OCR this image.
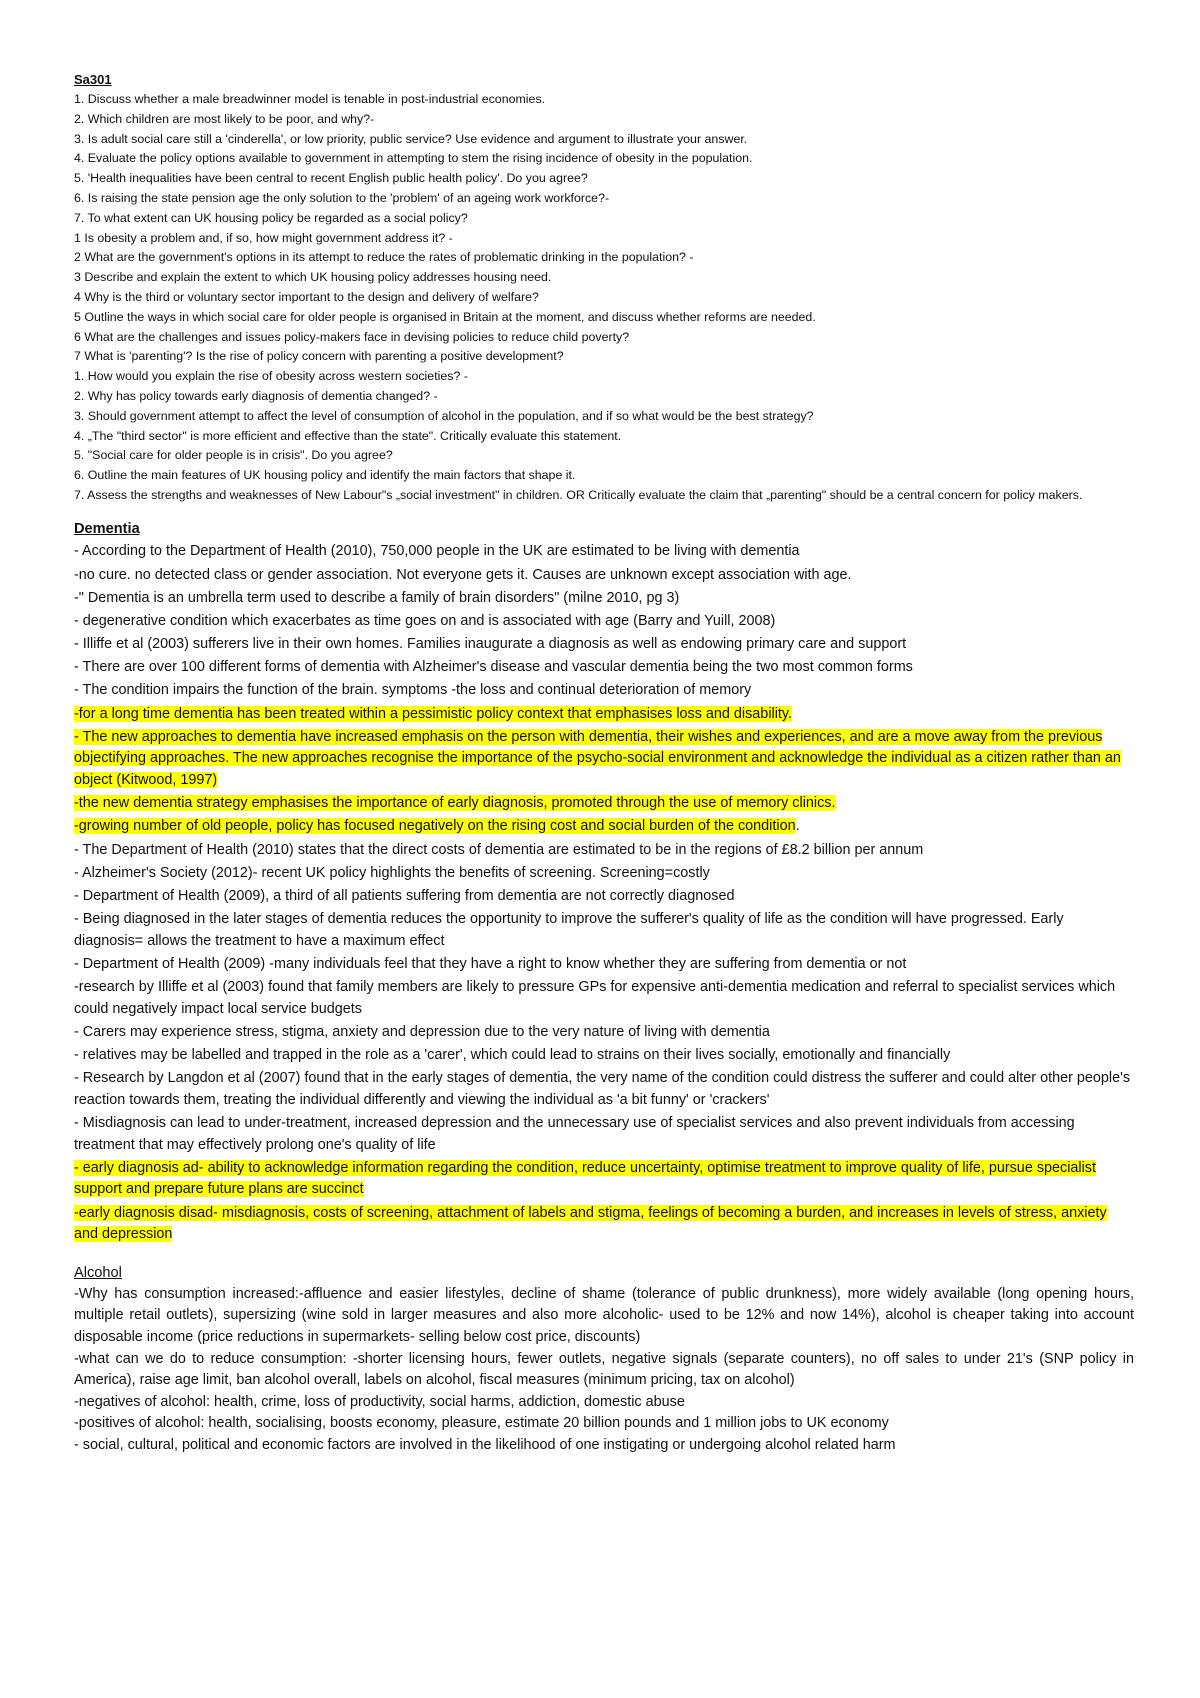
Sa301

1. Discuss whether a male breadwinner model is tenable in post-industrial economies.

2. Which children are most likely to be poor, and why?-

3. Is adult social care still a 'cinderella', or low priority, public service? Use evidence and argument to illustrate your answer.

4. Evaluate the policy options available to government in attempting to stem the rising incidence of obesity in the population.

5. 'Health inequalities have been central to recent English public health policy'. Do you agree?

6. Is raising the state pension age the only solution to the 'problem' of an ageing work workforce?-

7. To what extent can UK housing policy be regarded as a social policy?

1 Is obesity a problem and, if so, how might government address it? -

2 What are the government's options in its attempt to reduce the rates of problematic drinking in the population? -

3 Describe and explain the extent to which UK housing policy addresses housing need.

4 Why is the third or voluntary sector important to the design and delivery of welfare?

5 Outline the ways in which social care for older people is organised in Britain at the moment, and discuss whether reforms are needed.

6 What are the challenges and issues policy-makers face in devising policies to reduce child poverty?

7 What is 'parenting'? Is the rise of policy concern with parenting a positive development?

1. How would you explain the rise of obesity across western societies? -

2. Why has policy towards early diagnosis of dementia changed? -

3. Should government attempt to affect the level of consumption of alcohol in the population, and if so what would be the best strategy?

4. „The "third sector" is more efficient and effective than the state". Critically evaluate this statement.

5. "Social care for older people is in crisis". Do you agree?

6. Outline the main features of UK housing policy and identify the main factors that shape it.

7. Assess the strengths and weaknesses of New Labour"s „social investment" in children. OR Critically evaluate the claim that „parenting" should be a central concern for policy makers.

Dementia

- According to the Department of Health (2010), 750,000 people in the UK are estimated to be living with dementia

-no cure. no detected class or gender association. Not everyone gets it. Causes are unknown except association with age.

-" Dementia is an umbrella term used to describe a family of brain disorders" (milne 2010, pg 3)

- degenerative condition which exacerbates as time goes on and is associated with age (Barry and Yuill, 2008)

- Illiffe et al (2003) sufferers live in their own homes. Families inaugurate a diagnosis as well as endowing primary care and support

- There are over 100 different forms of dementia with Alzheimer's disease and vascular dementia being the two most common forms

- The condition impairs the function of the brain. symptoms -the loss and continual deterioration of memory

-for a long time dementia has been treated within a pessimistic policy context that emphasises loss and disability.

- The new approaches to dementia have increased emphasis on the person with dementia, their wishes and experiences, and are a move away from the previous objectifying approaches. The new approaches recognise the importance of the psycho-social environment and acknowledge the individual as a citizen rather than an object (Kitwood, 1997)

-the new dementia strategy emphasises the importance of early diagnosis, promoted through the use of memory clinics.

-growing number of old people, policy has focused negatively on the rising cost and social burden of the condition.

- The Department of Health (2010) states that the direct costs of dementia are estimated to be in the regions of £8.2 billion per annum

- Alzheimer's Society (2012)- recent UK policy highlights the benefits of screening. Screening=costly

- Department of Health (2009), a third of all patients suffering from dementia are not correctly diagnosed

- Being diagnosed in the later stages of dementia reduces the opportunity to improve the sufferer's quality of life as the condition will have progressed. Early diagnosis= allows the treatment to have a maximum effect

- Department of Health (2009) -many individuals feel that they have a right to know whether they are suffering from dementia or not

-research by Illiffe et al (2003) found that family members are likely to pressure GPs for expensive anti-dementia medication and referral to specialist services which could negatively impact local service budgets

- Carers may experience stress, stigma, anxiety and depression due to the very nature of living with dementia

- relatives may be labelled and trapped in the role as a 'carer', which could lead to strains on their lives socially, emotionally and financially

- Research by Langdon et al (2007) found that in the early stages of dementia, the very name of the condition could distress the sufferer and could alter other people's reaction towards them, treating the individual differently and viewing the individual as 'a bit funny' or 'crackers'

- Misdiagnosis can lead to under-treatment, increased depression and the unnecessary use of specialist services and also prevent individuals from accessing treatment that may effectively prolong one's quality of life

- early diagnosis ad- ability to acknowledge information regarding the condition, reduce uncertainty, optimise treatment to improve quality of life, pursue specialist support and prepare future plans are succinct

-early diagnosis disad- misdiagnosis, costs of screening, attachment of labels and stigma, feelings of becoming a burden, and increases in levels of stress, anxiety and depression

Alcohol

-Why has consumption increased:-affluence and easier lifestyles, decline of shame (tolerance of public drunkness), more widely available (long opening hours, multiple retail outlets), supersizing (wine sold in larger measures and also more alcoholic- used to be 12% and now 14%), alcohol is cheaper taking into account disposable income (price reductions in supermarkets- selling below cost price, discounts)

-what can we do to reduce consumption: -shorter licensing hours, fewer outlets, negative signals (separate counters), no off sales to under 21's (SNP policy in America), raise age limit, ban alcohol overall, labels on alcohol, fiscal measures (minimum pricing, tax on alcohol)

-negatives of alcohol: health, crime, loss of productivity, social harms, addiction, domestic abuse

-positives of alcohol: health, socialising, boosts economy, pleasure, estimate 20 billion pounds and 1 million jobs to UK economy

- social, cultural, political and economic factors are involved in the likelihood of one instigating or undergoing alcohol related harm
